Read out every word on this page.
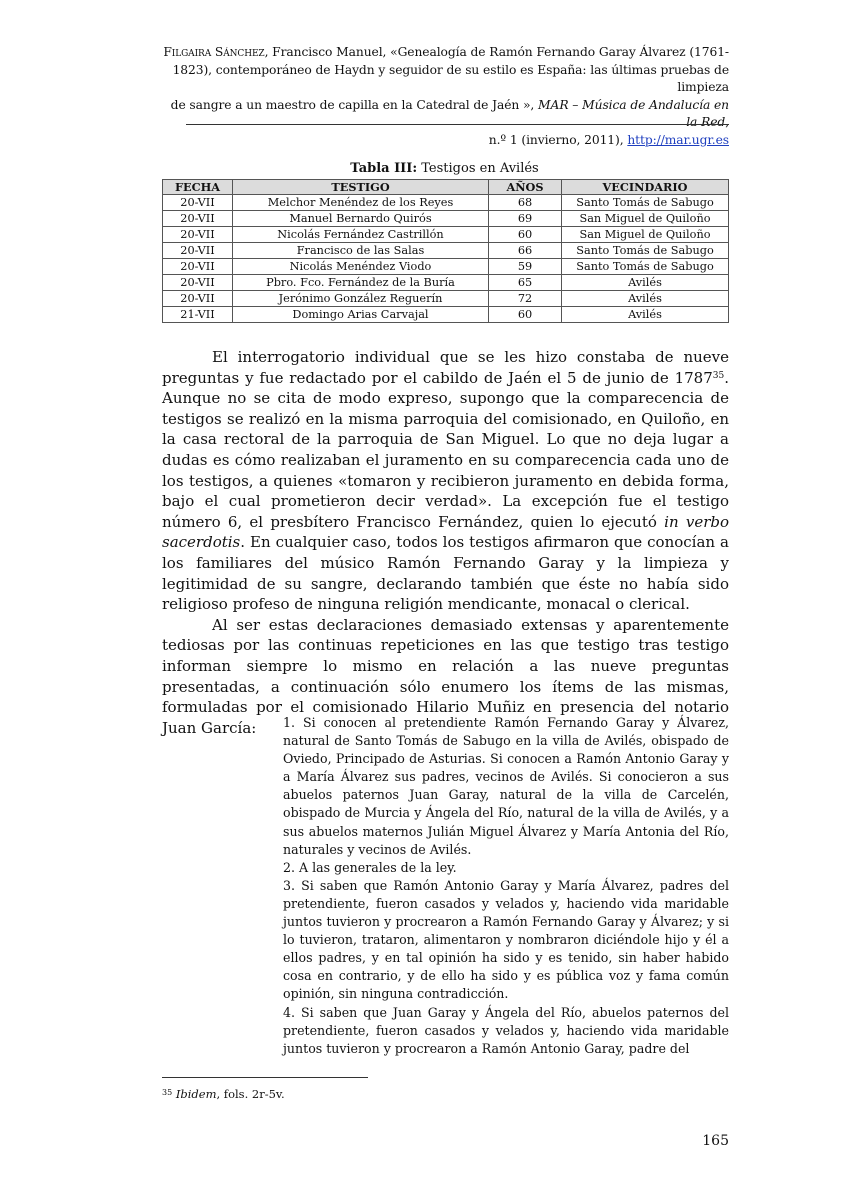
Filgaira Sánchez, Francisco Manuel, «Genealogía de Ramón Fernando Garay Álvarez (1761-
1823), contemporáneo de Haydn y seguidor de su estilo es España: las últimas pruebas de limpieza
de sangre a un maestro de capilla en la Catedral de Jaén », MAR – Música de Andalucía en la Red,
n.º 1 (invierno, 2011), http://mar.ugr.es
Tabla III: Testigos en Avilés
FECHA	TESTIGO	AÑOS	VECINDARIO
20-VII	Melchor Menéndez de los Reyes	68	Santo Tomás de Sabugo
20-VII	Manuel Bernardo Quirós	69	San Miguel de Quiloño
20-VII	Nicolás Fernández Castrillón	60	San Miguel de Quiloño
20-VII	Francisco de las Salas	66	Santo Tomás de Sabugo
20-VII	Nicolás Menéndez Viodo	59	Santo Tomás de Sabugo
20-VII	Pbro. Fco. Fernández de la Buría	65	Avilés
20-VII	Jerónimo González Reguerín	72	Avilés
21-VII	Domingo Arias Carvajal	60	Avilés

El interrogatorio individual que se les hizo constaba de nueve preguntas y fue redactado por el cabildo de Jaén el 5 de junio de 1787$^{35}$. Aunque no se cita de modo expreso, supongo que la comparecencia de testigos se realizó en la misma parroquia del comisionado, en Quiloño, en la casa rectoral de la parroquia de San Miguel. Lo que no deja lugar a dudas es cómo realizaban el juramento en su comparecencia cada uno de los testigos, a quienes «tomaron y recibieron juramento en debida forma, bajo el cual prometieron decir verdad». La excepción fue el testigo número 6, el presbítero Francisco Fernández, quien lo ejecutó in verbo sacerdotis. En cualquier caso, todos los testigos afirmaron que conocían a los familiares del músico Ramón Fernando Garay y la limpieza y legitimidad de su sangre, declarando también que éste no había sido religioso profeso de ninguna religión mendicante, monacal o clerical.

Al ser estas declaraciones demasiado extensas y aparentemente tediosas por las continuas repeticiones en las que testigo tras testigo informan siempre lo mismo en relación a las nueve preguntas presentadas, a continuación sólo enumero los ítems de las mismas, formuladas por el comisionado Hilario Muñiz en presencia del notario Juan García:	1. Si conocen al pretendiente Ramón Fernando Garay y Álvarez, natural de Santo Tomás de Sabugo en la villa de Avilés, obispado de Oviedo, Principado de Asturias. Si conocen a Ramón Antonio Garay y a María Álvarez sus padres, vecinos de Avilés. Si conocieron a sus abuelos paternos Juan Garay, natural de la villa de Carcelén, obispado de Murcia y Ángela del Río, natural de la villa de Avilés, y a sus abuelos maternos Julián Miguel Álvarez y María Antonia del Río, naturales y vecinos de Avilés.

2. A las generales de la ley.

3. Si saben que Ramón Antonio Garay y María Álvarez, padres del pretendiente, fueron casados y velados y, haciendo vida maridable juntos tuvieron y procrearon a Ramón Fernando Garay y Álvarez; y si lo tuvieron, trataron, alimentaron y nombraron diciéndole hijo y él a ellos padres, y en tal opinión ha sido y es tenido, sin haber habido cosa en contrario, y de ello ha sido y es pública voz y fama común opinión, sin ninguna contradicción.

4. Si saben que Juan Garay y Ángela del Río, abuelos paternos del pretendiente, fueron casados y velados y, haciendo vida maridable juntos tuvieron y procrearon a Ramón Antonio Garay, padre del

$^{35}$ Ibidem, fols. 2r-5v.
165
